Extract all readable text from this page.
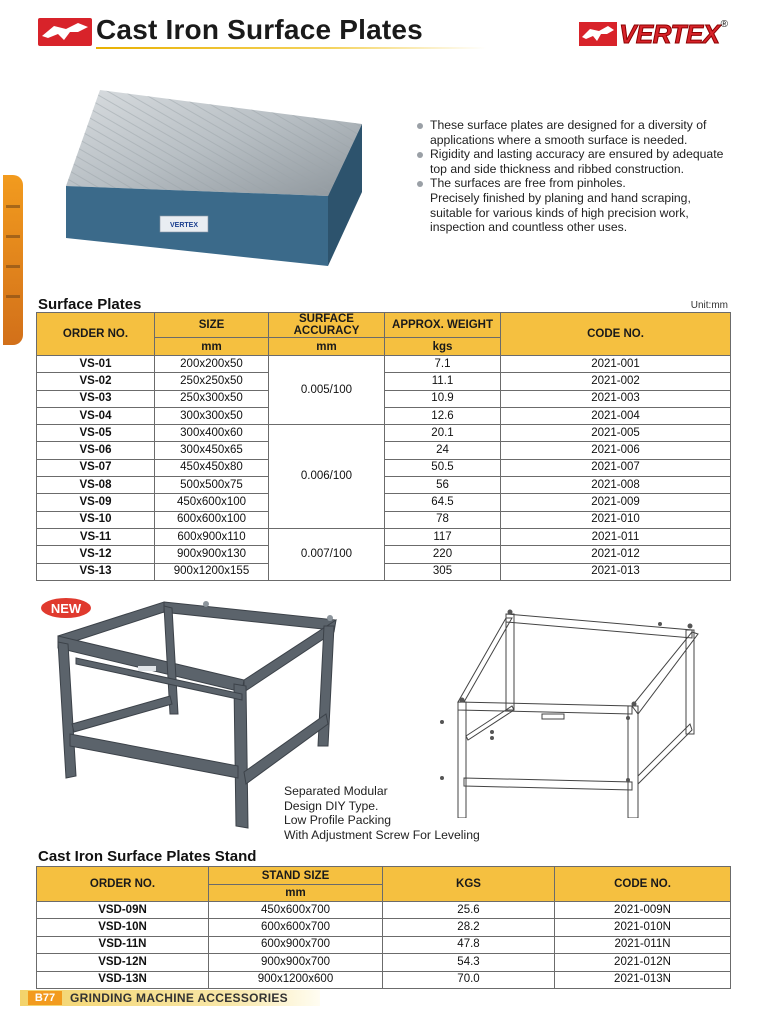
Cast Iron Surface Plates	VERTEX ®
VERTEX
These surface plates are designed for a diversity of applications where a smooth surface is needed.
Rigidity and lasting accuracy are ensured by adequate top and side thickness and ribbed construction.
The surfaces are free from pinholes.
Precisely finished by planing and hand scraping, suitable for various kinds of high precision work, inspection and countless other uses.
Surface Plates	Unit:mm
ORDER NO.	SIZE	SURFACE ACCURACY	APPROX. WEIGHT	CODE NO.
	mm	mm	kgs	
VS-01	200x200x50	0.005/100	7.1	2021-001
VS-02	250x250x50		11.1	2021-002
VS-03	250x300x50		10.9	2021-003
VS-04	300x300x50		12.6	2021-004
VS-05	300x400x60	0.006/100	20.1	2021-005
VS-06	300x450x65		24	2021-006
VS-07	450x450x80		50.5	2021-007
VS-08	500x500x75		56	2021-008
VS-09	450x600x100		64.5	2021-009
VS-10	600x600x100		78	2021-010
VS-11	600x900x110	0.007/100	117	2021-011
VS-12	900x900x130		220	2021-012
VS-13	900x1200x155		305	2021-013
NEW
Separated Modular
Design DIY Type.
Low Profile Packing
With Adjustment Screw For Leveling
Cast Iron Surface Plates Stand
ORDER NO.	STAND SIZE	KGS	CODE NO.
	mm		
VSD-09N	450x600x700	25.6	2021-009N
VSD-10N	600x600x700	28.2	2021-010N
VSD-11N	600x900x700	47.8	2021-011N
VSD-12N	900x900x700	54.3	2021-012N
VSD-13N	900x1200x600	70.0	2021-013N
B77	GRINDING MACHINE ACCESSORIES
